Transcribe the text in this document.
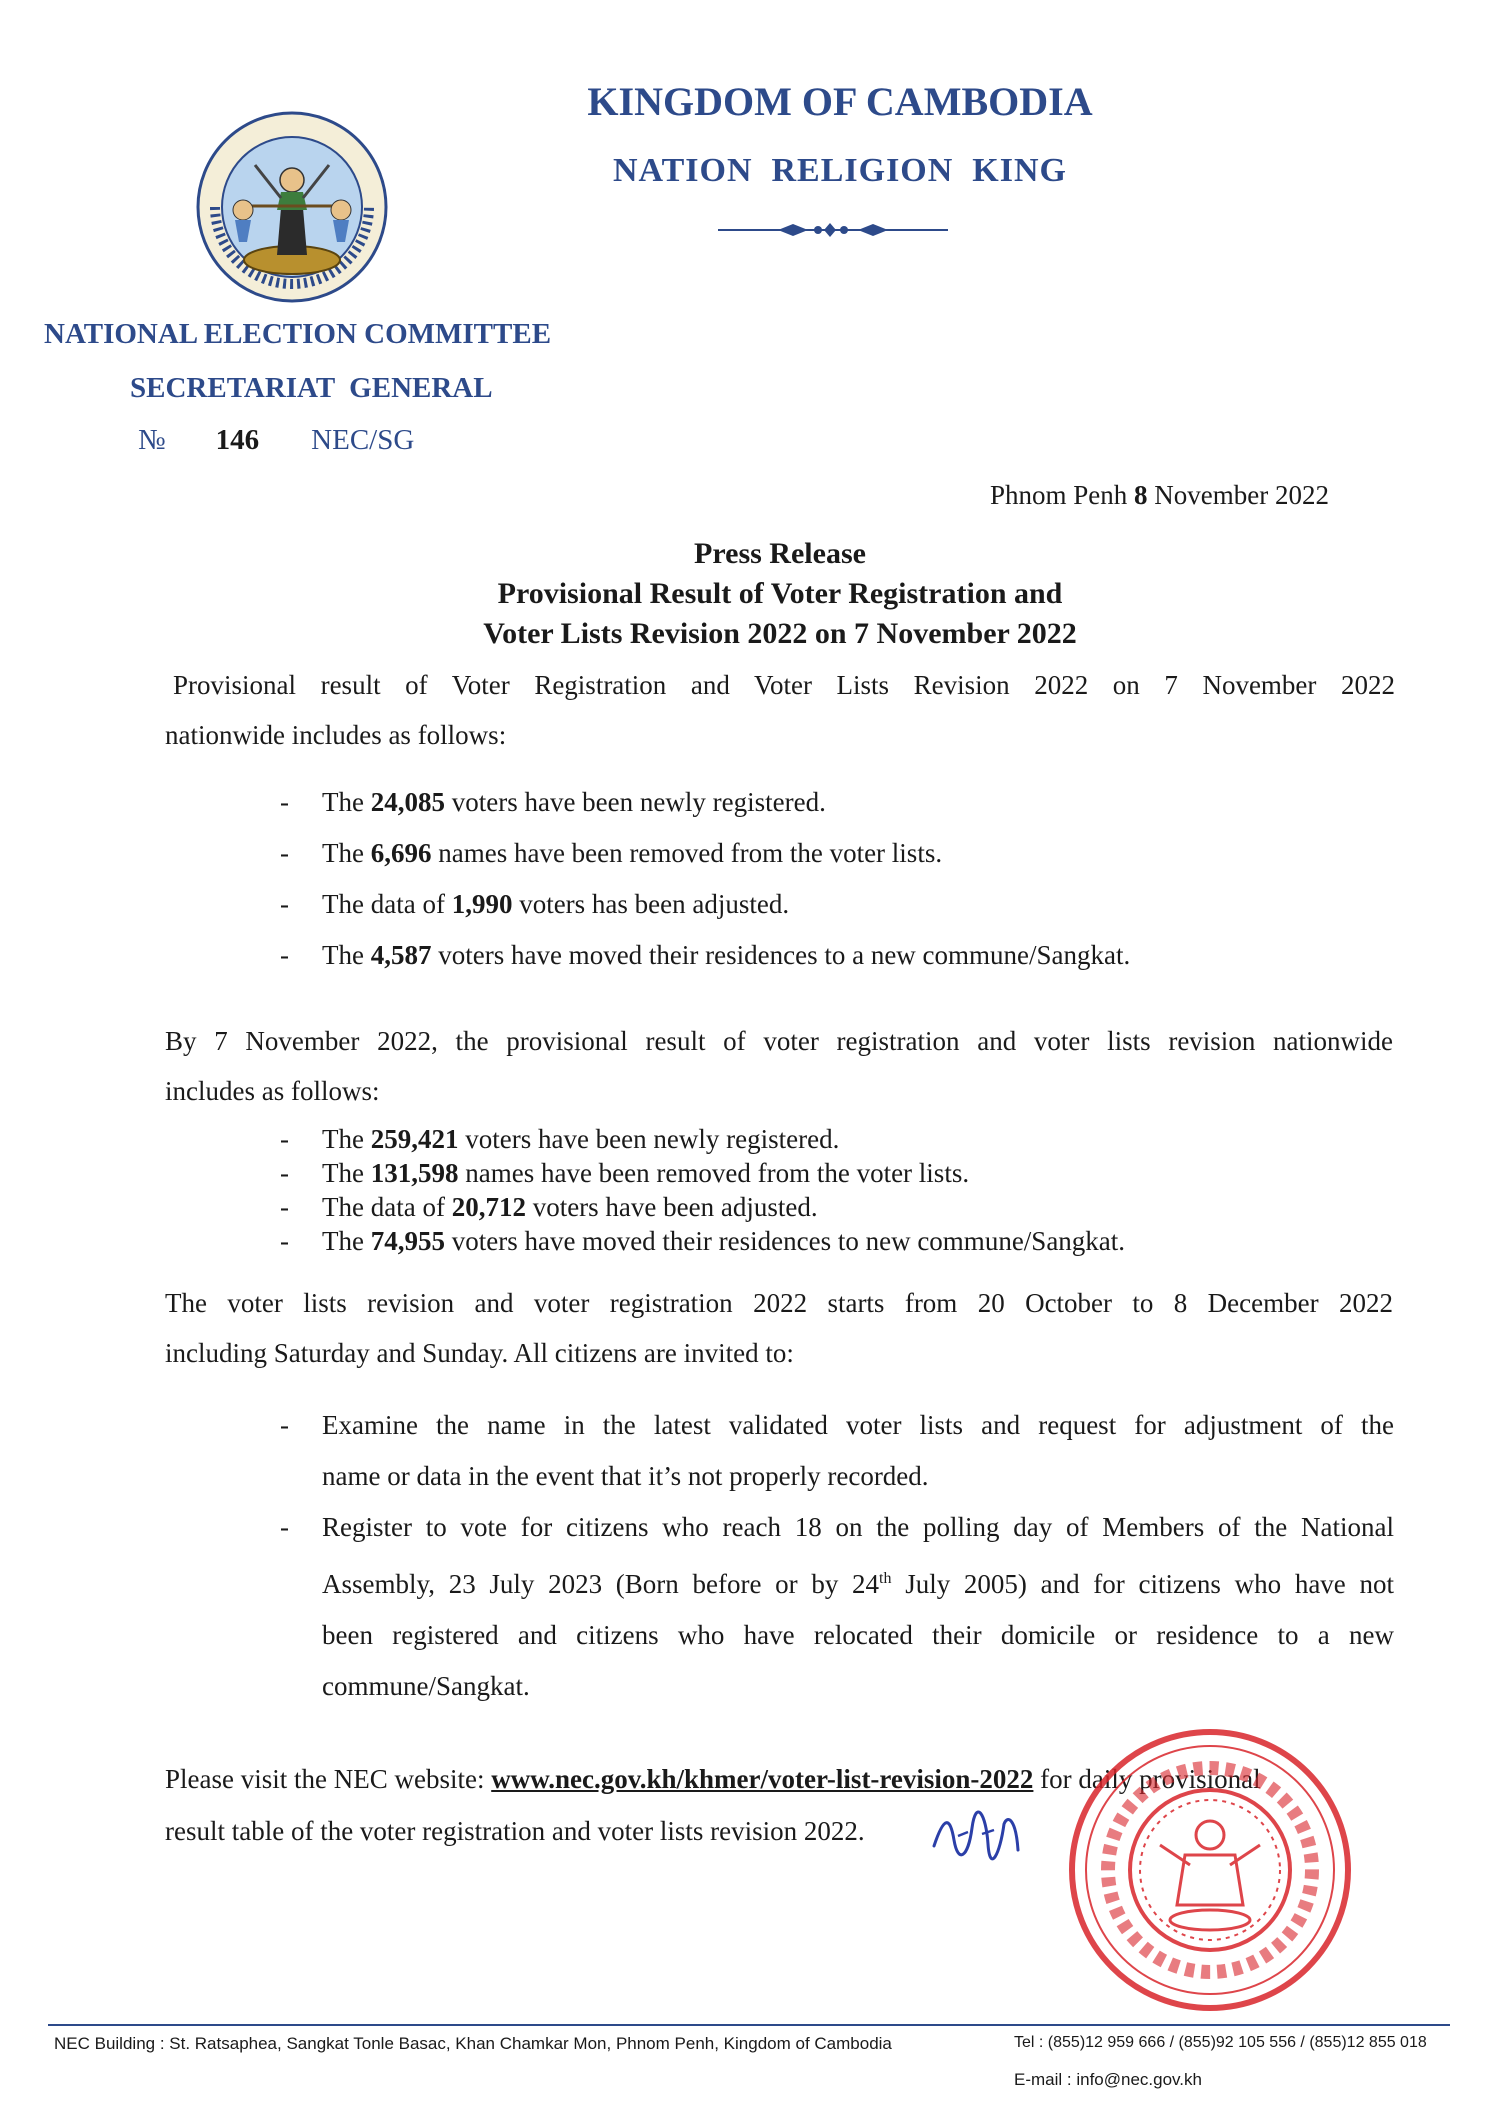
KINGDOM OF CAMBODIA
NATION  RELIGION  KING
NATIONAL ELECTION COMMITTEE
SECRETARIAT  GENERAL
№ 146 NEC/SG
Phnom Penh 8 November 2022
Press Release
Provisional Result of Voter Registration and
Voter Lists Revision 2022 on 7 November 2022
Provisional result of Voter Registration and Voter Lists Revision 2022 on 7 November 2022
nationwide includes as follows:
- The 24,085 voters have been newly registered.
- The 6,696 names have been removed from the voter lists.
- The data of 1,990 voters has been adjusted.
- The 4,587 voters have moved their residences to a new commune/Sangkat.
By 7 November 2022, the provisional result of voter registration and voter lists revision nationwide
includes as follows:
- The 259,421 voters have been newly registered.
- The 131,598 names have been removed from the voter lists.
- The data of 20,712 voters have been adjusted.
- The 74,955 voters have moved their residences to new commune/Sangkat.
The voter lists revision and voter registration 2022 starts from 20 October to 8 December 2022
including Saturday and Sunday. All citizens are invited to:
- Examine the name in the latest validated voter lists and request for adjustment of the
name or data in the event that it’s not properly recorded.
- Register to vote for citizens who reach 18 on the polling day of Members of the National
Assembly, 23 July 2023 (Born before or by 24th July 2005) and for citizens who have not
been registered and citizens who have relocated their domicile or residence to a new
commune/Sangkat.
Please visit the NEC website: www.nec.gov.kh/khmer/voter-list-revision-2022 for daily provisional
result table of the voter registration and voter lists revision 2022.
NEC Building : St. Ratsaphea, Sangkat Tonle Basac, Khan Chamkar Mon, Phnom Penh, Kingdom of Cambodia	Tel : (855)12 959 666 / (855)92 105 556 / (855)12 855 018
E-mail : info@nec.gov.kh
